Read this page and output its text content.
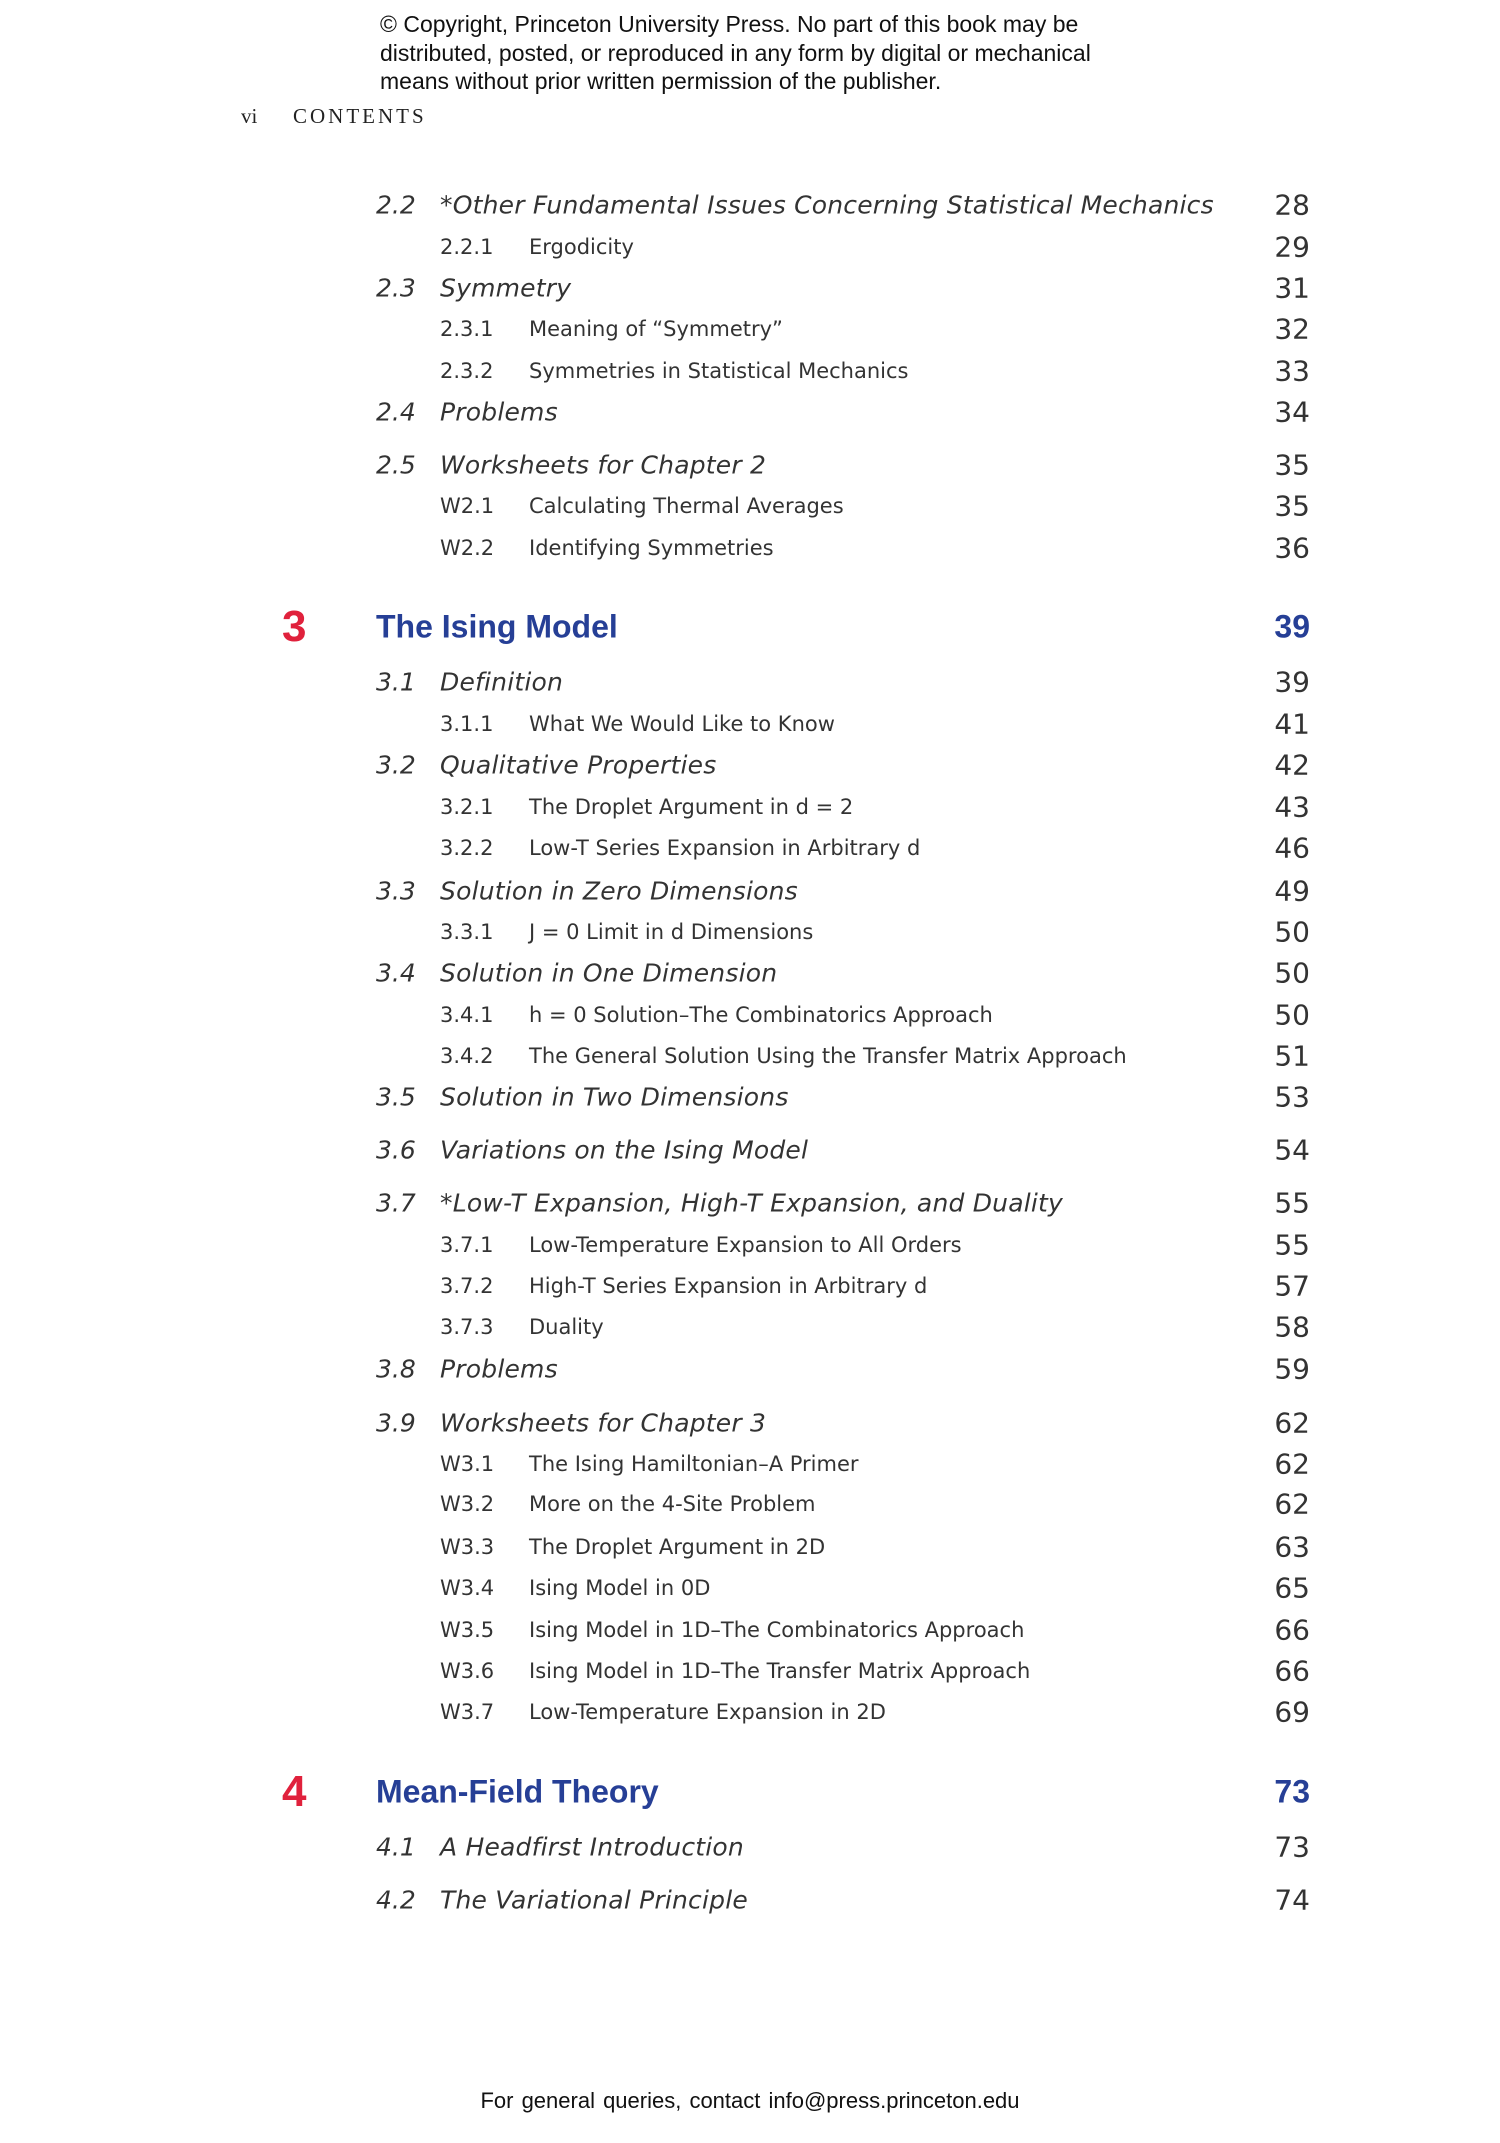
© Copyright, Princeton University Press. No part of this book may be
distributed, posted, or reproduced in any form by digital or mechanical
means without prior written permission of the publisher.
vi CONTENTS
2.2 *Other Fundamental Issues Concerning Statistical Mechanics 28
2.2.1 Ergodicity	29
2.3 Symmetry	31
2.3.1 Meaning of “Symmetry”	32
2.3.2 Symmetries in Statistical Mechanics	33
2.4 Problems	34
2.5 Worksheets for Chapter 2	35
W2.1 Calculating Thermal Averages	35
W2.2 Identifying Symmetries	36
3 The Ising Model	39
3.1 Definition	39
3.1.1 What We Would Like to Know	41
3.2 Qualitative Properties	42
3.2.1 The Droplet Argument in d = 2	43
3.2.2 Low-T Series Expansion in Arbitrary d	46
3.3 Solution in Zero Dimensions	49
3.3.1 J = 0 Limit in d Dimensions	50
3.4 Solution in One Dimension	50
3.4.1 h = 0 Solution–The Combinatorics Approach	50
3.4.2 The General Solution Using the Transfer Matrix Approach	51
3.5 Solution in Two Dimensions	53
3.6 Variations on the Ising Model	54
3.7 *Low-T Expansion, High-T Expansion, and Duality	55
3.7.1 Low-Temperature Expansion to All Orders	55
3.7.2 High-T Series Expansion in Arbitrary d	57
3.7.3 Duality	58
3.8 Problems	59
3.9 Worksheets for Chapter 3	62
W3.1 The Ising Hamiltonian–A Primer	62
W3.2 More on the 4-Site Problem	62
W3.3 The Droplet Argument in 2D	63
W3.4 Ising Model in 0D	65
W3.5 Ising Model in 1D–The Combinatorics Approach	66
W3.6 Ising Model in 1D–The Transfer Matrix Approach	66
W3.7 Low-Temperature Expansion in 2D	69
4 Mean-Field Theory	73
4.1 A Headfirst Introduction	73
4.2 The Variational Principle	74
For general queries, contact info@press.princeton.edu
